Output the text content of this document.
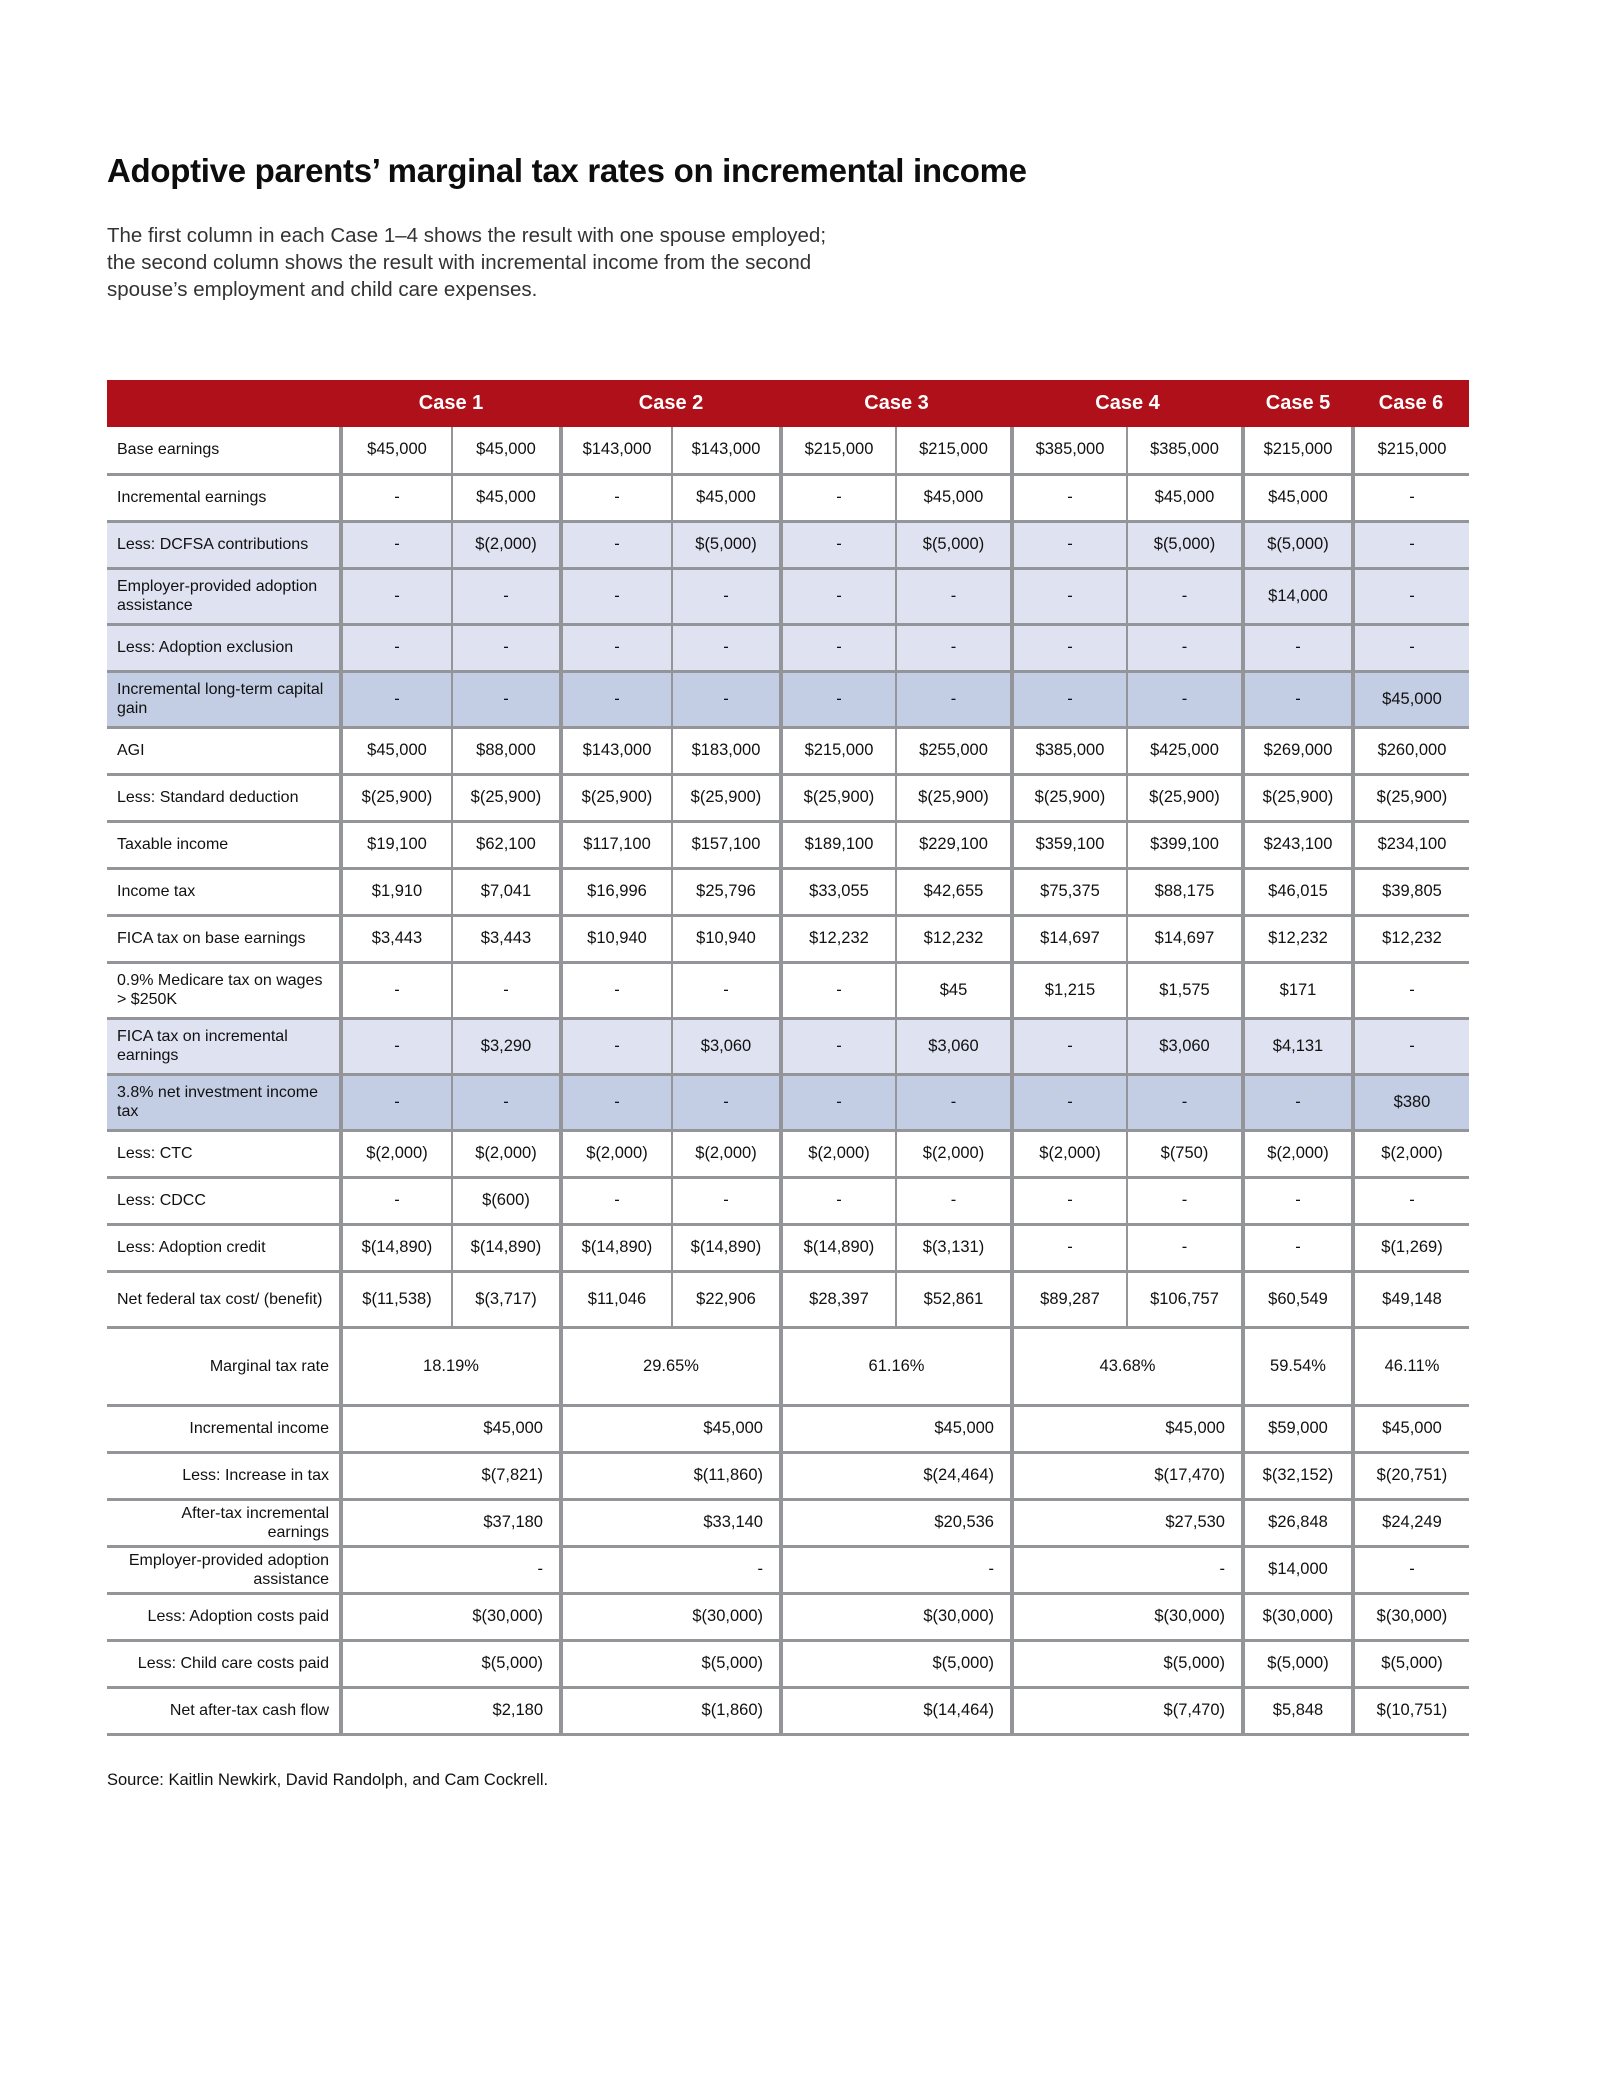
Adoptive parents’ marginal tax rates on incremental income
The first column in each Case 1–4 shows the result with one spouse employed; the second column shows the result with incremental income from the second spouse’s employment and child care expenses.
	Case 1		Case 2		Case 3		Case 4		Case 5	Case 6
Base earnings	$45,000	$45,000	$143,000	$143,000	$215,000	$215,000	$385,000	$385,000	$215,000	$215,000
Incremental earnings	-	$45,000	-	$45,000	-	$45,000	-	$45,000	$45,000	-
Less: DCFSA contributions	-	$(2,000)	-	$(5,000)	-	$(5,000)	-	$(5,000)	$(5,000)	-
Employer-provided adoption assistance	-	-	-	-	-	-	-	-	$14,000	-
Less: Adoption exclusion	-	-	-	-	-	-	-	-	-	-
Incremental long-term capital gain	-	-	-	-	-	-	-	-	-	$45,000
AGI	$45,000	$88,000	$143,000	$183,000	$215,000	$255,000	$385,000	$425,000	$269,000	$260,000
Less: Standard deduction	$(25,900)	$(25,900)	$(25,900)	$(25,900)	$(25,900)	$(25,900)	$(25,900)	$(25,900)	$(25,900)	$(25,900)
Taxable income	$19,100	$62,100	$117,100	$157,100	$189,100	$229,100	$359,100	$399,100	$243,100	$234,100
Income tax	$1,910	$7,041	$16,996	$25,796	$33,055	$42,655	$75,375	$88,175	$46,015	$39,805
FICA tax on base earnings	$3,443	$3,443	$10,940	$10,940	$12,232	$12,232	$14,697	$14,697	$12,232	$12,232
0.9% Medicare tax on wages > $250K	-	-	-	-	-	$45	$1,215	$1,575	$171	-
FICA tax on incremental earnings	-	$3,290	-	$3,060	-	$3,060	-	$3,060	$4,131	-
3.8% net investment income tax	-	-	-	-	-	-	-	-	-	$380
Less: CTC	$(2,000)	$(2,000)	$(2,000)	$(2,000)	$(2,000)	$(2,000)	$(2,000)	$(750)	$(2,000)	$(2,000)
Less: CDCC	-	$(600)	-	-	-	-	-	-	-	-
Less: Adoption credit	$(14,890)	$(14,890)	$(14,890)	$(14,890)	$(14,890)	$(3,131)	-	-	-	$(1,269)
Net federal tax cost/ (benefit)	$(11,538)	$(3,717)	$11,046	$22,906	$28,397	$52,861	$89,287	$106,757	$60,549	$49,148
Marginal tax rate	18.19%		29.65%		61.16%		43.68%		59.54%	46.11%
Incremental income	$45,000		$45,000		$45,000		$45,000		$59,000	$45,000
Less: Increase in tax	$(7,821)		$(11,860)		$(24,464)		$(17,470)		$(32,152)	$(20,751)
After-tax incremental earnings	$37,180		$33,140		$20,536		$27,530		$26,848	$24,249
Employer-provided adoption assistance	-		-		-		-		$14,000	-
Less: Adoption costs paid	$(30,000)		$(30,000)		$(30,000)		$(30,000)		$(30,000)	$(30,000)
Less: Child care costs paid	$(5,000)		$(5,000)		$(5,000)		$(5,000)		$(5,000)	$(5,000)
Net after-tax cash flow	$2,180		$(1,860)		$(14,464)		$(7,470)		$5,848	$(10,751)
Source: Kaitlin Newkirk, David Randolph, and Cam Cockrell.
